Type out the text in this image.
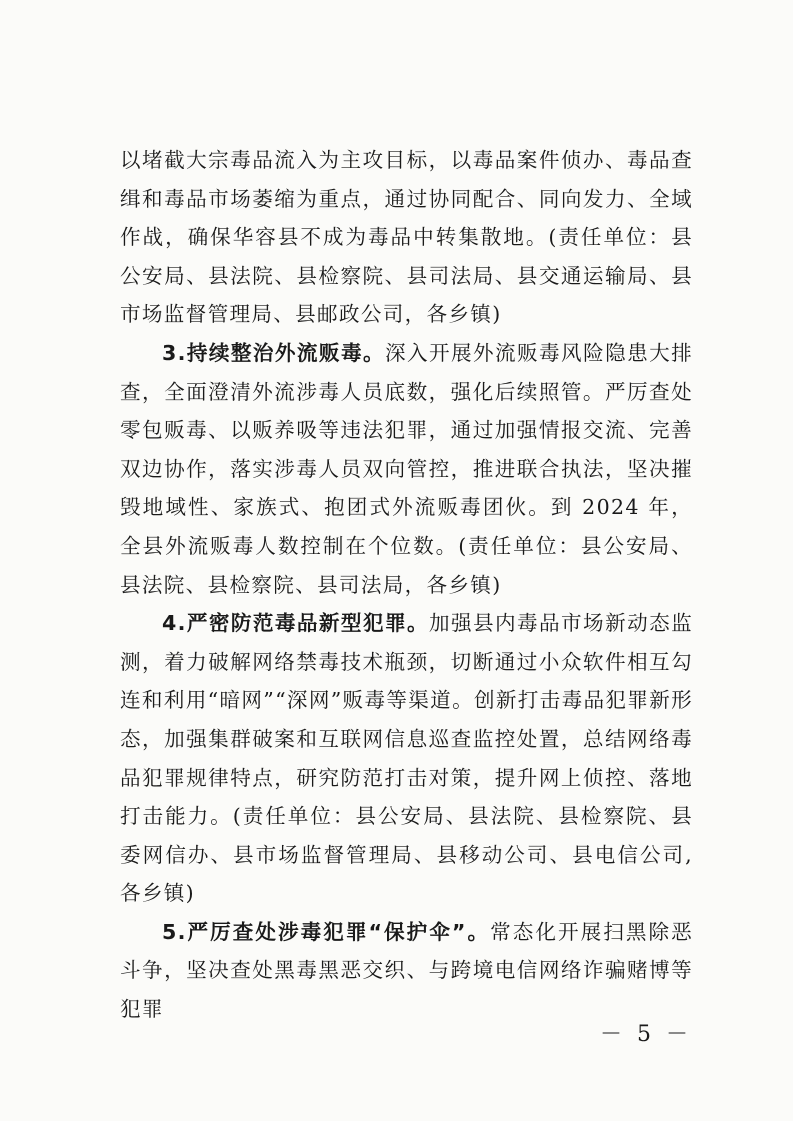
以堵截大宗毒品流入为主攻目标，以毒品案件侦办、毒品查缉和毒品市场萎缩为重点，通过协同配合、同向发力、全域作战，确保华容县不成为毒品中转集散地。(责任单位：县公安局、县法院、县检察院、县司法局、县交通运输局、县市场监督管理局、县邮政公司，各乡镇)

3.持续整治外流贩毒。深入开展外流贩毒风险隐患大排查，全面澄清外流涉毒人员底数，强化后续照管。严厉查处零包贩毒、以贩养吸等违法犯罪，通过加强情报交流、完善双边协作，落实涉毒人员双向管控，推进联合执法，坚决摧毁地域性、家族式、抱团式外流贩毒团伙。到 2024 年，全县外流贩毒人数控制在个位数。(责任单位：县公安局、县法院、县检察院、县司法局，各乡镇)

4.严密防范毒品新型犯罪。加强县内毒品市场新动态监测，着力破解网络禁毒技术瓶颈，切断通过小众软件相互勾连和利用“暗网”“深网”贩毒等渠道。创新打击毒品犯罪新形态，加强集群破案和互联网信息巡查监控处置，总结网络毒品犯罪规律特点，研究防范打击对策，提升网上侦控、落地打击能力。(责任单位：县公安局、县法院、县检察院、县委网信办、县市场监督管理局、县移动公司、县电信公司,各乡镇)

5.严厉查处涉毒犯罪“保护伞”。常态化开展扫黑除恶斗争，坚决查处黑毒黑恶交织、与跨境电信网络诈骗赌博等犯罪

－ 5 －
